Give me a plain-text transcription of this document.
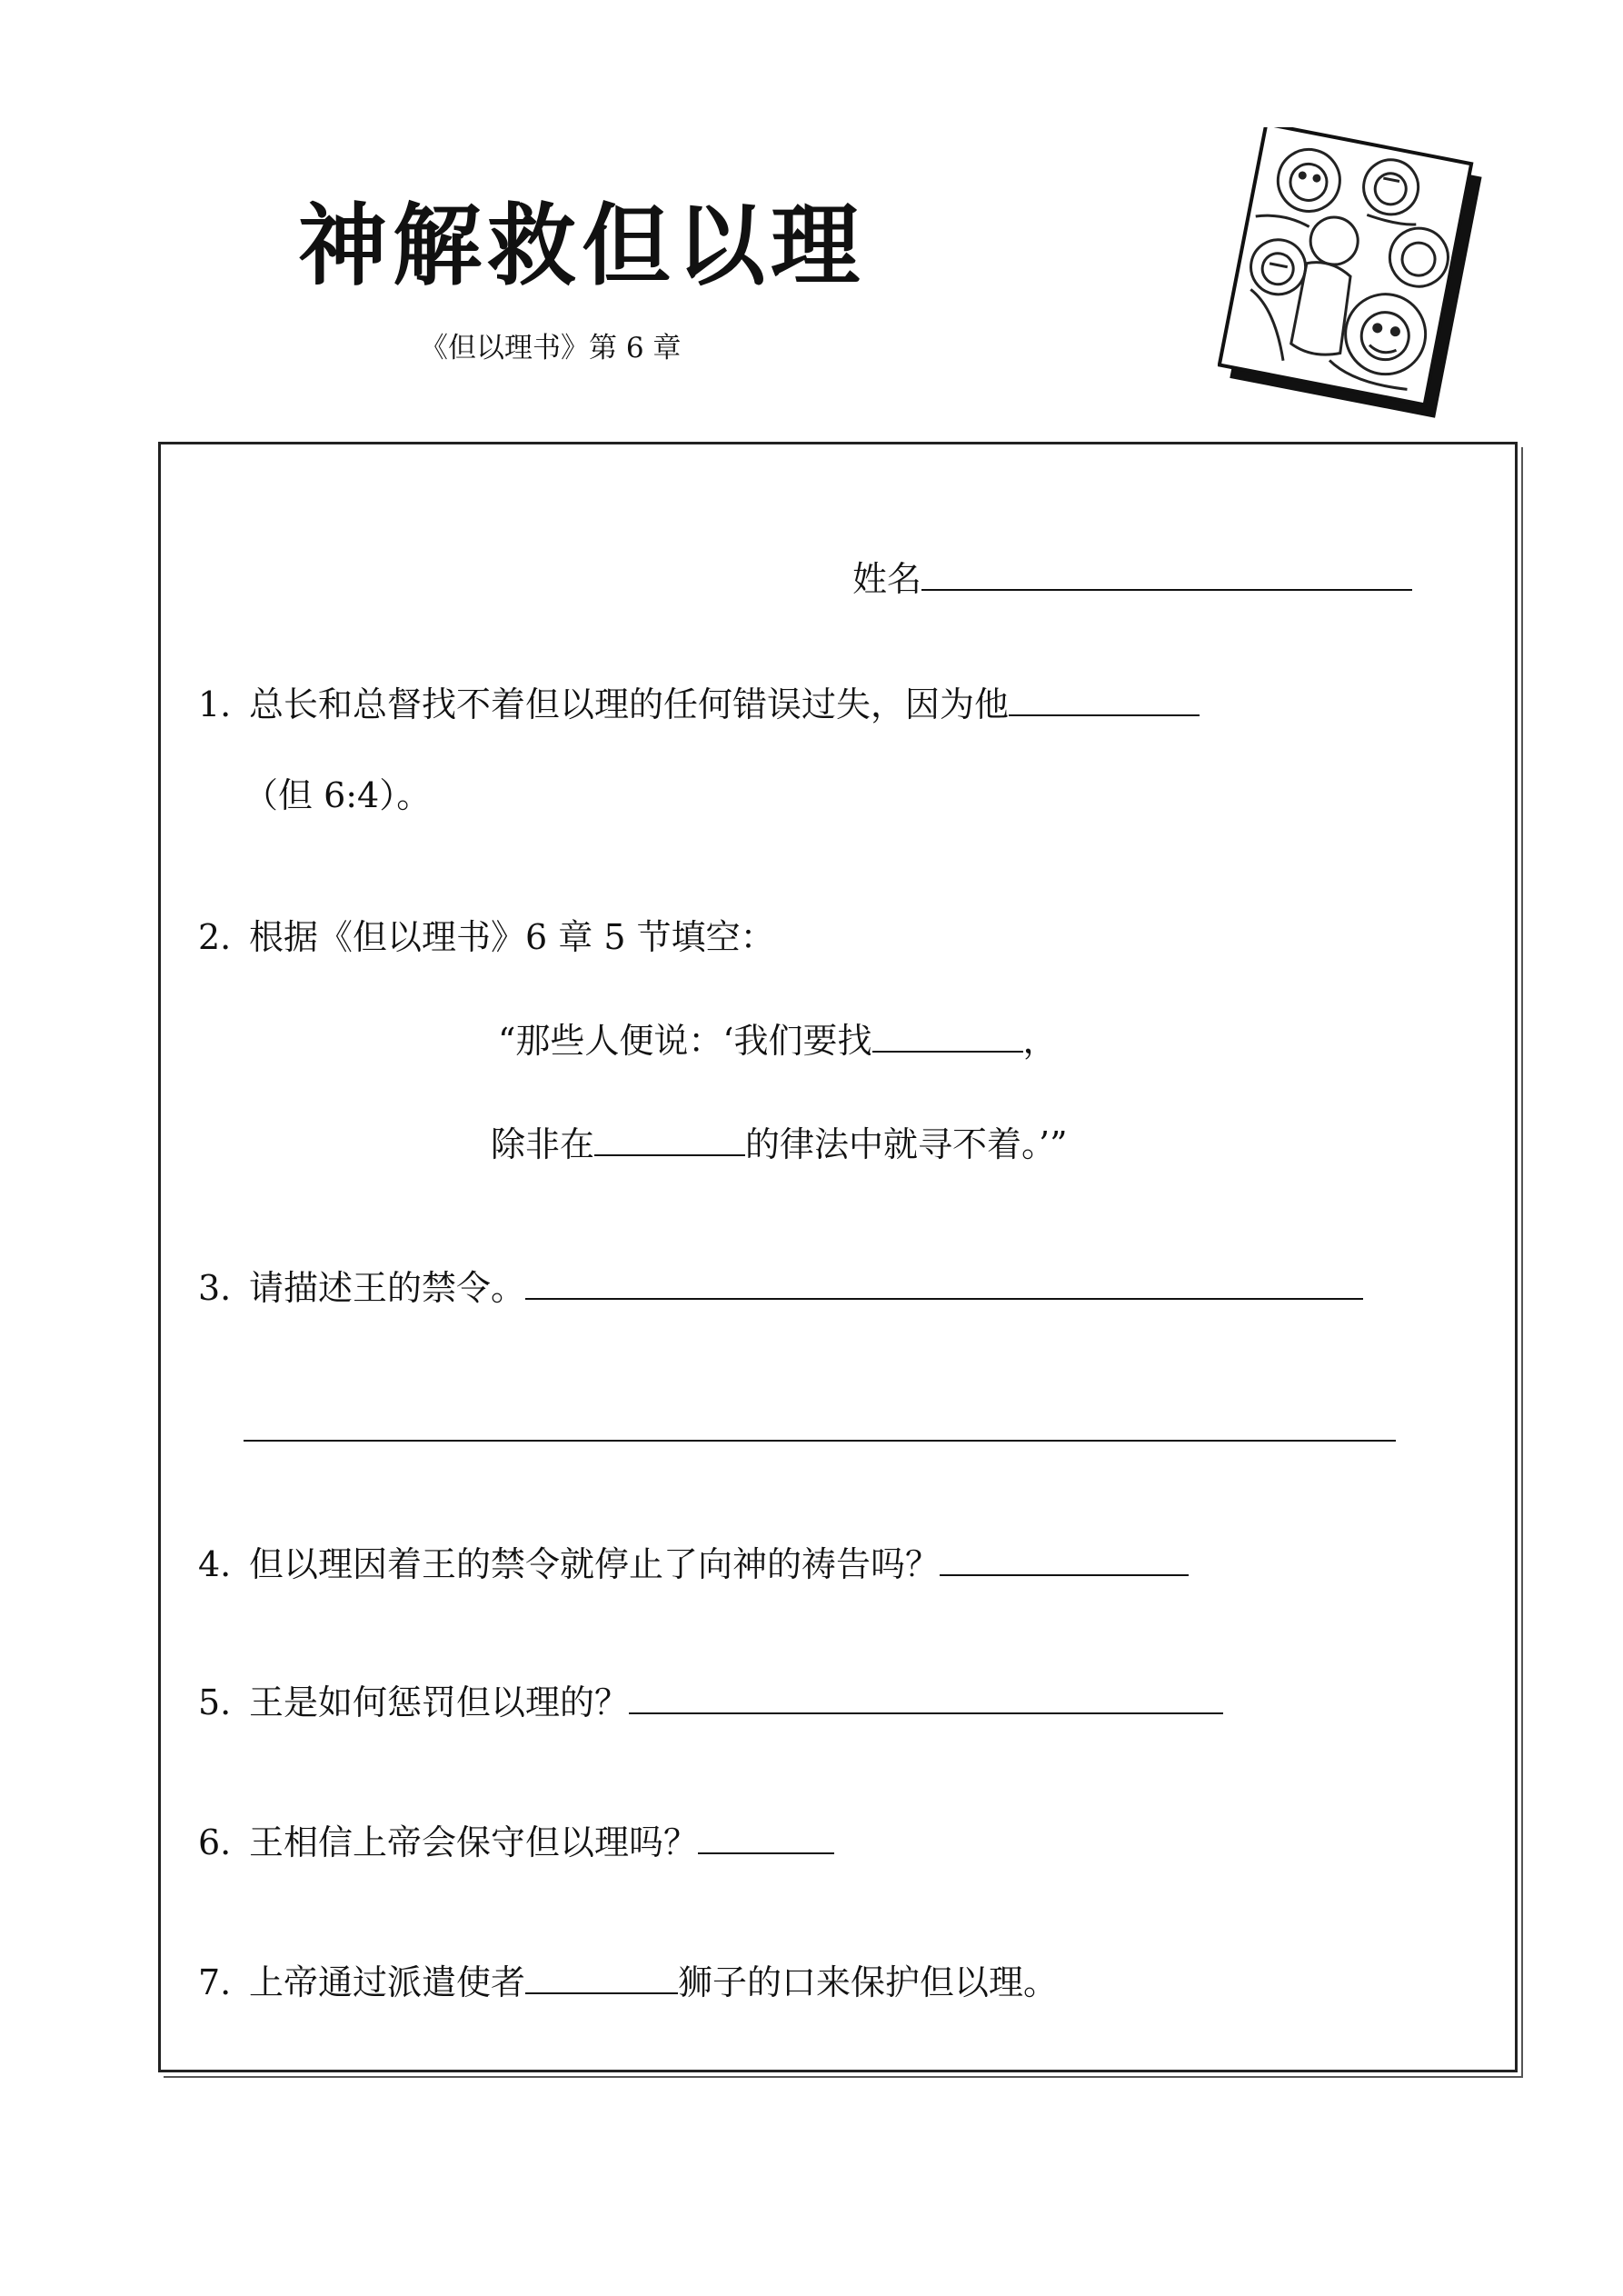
神解救但以理
《但以理书》第 6 章
姓名
1. 总长和总督找不着但以理的任何错误过失，因为他
（但 6:4）。
2. 根据《但以理书》6 章 5 节填空：
“那些人便说：‘我们要找	，
除非在	的律法中就寻不着。’”
3. 请描述王的禁令。
4. 但以理因着王的禁令就停止了向神的祷告吗？
5. 王是如何惩罚但以理的？
6. 王相信上帝会保守但以理吗？
7. 上帝通过派遣使者	狮子的口来保护但以理。
